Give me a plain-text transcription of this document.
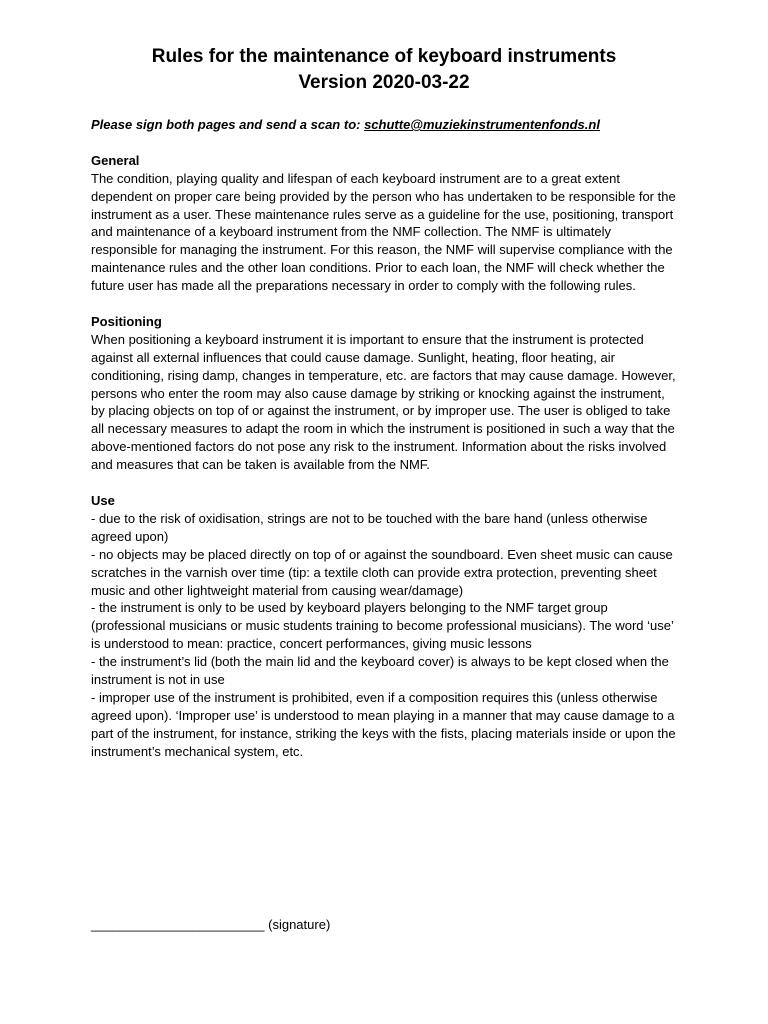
Rules for the maintenance of keyboard instruments
Version 2020-03-22

Please sign both pages and send a scan to: schutte@muziekinstrumentenfonds.nl

General

The condition, playing quality and lifespan of each keyboard instrument are to a great extent dependent on proper care being provided by the person who has undertaken to be responsible for the instrument as a user. These maintenance rules serve as a guideline for the use, positioning, transport and maintenance of a keyboard instrument from the NMF collection. The NMF is ultimately responsible for managing the instrument. For this reason, the NMF will supervise compliance with the maintenance rules and the other loan conditions. Prior to each loan, the NMF will check whether the future user has made all the preparations necessary in order to comply with the following rules.

Positioning

When positioning a keyboard instrument it is important to ensure that the instrument is protected against all external influences that could cause damage. Sunlight, heating, floor heating, air conditioning, rising damp, changes in temperature, etc. are factors that may cause damage. However, persons who enter the room may also cause damage by striking or knocking against the instrument, by placing objects on top of or against the instrument, or by improper use. The user is obliged to take all necessary measures to adapt the room in which the instrument is positioned in such a way that the above-mentioned factors do not pose any risk to the instrument. Information about the risks involved and measures that can be taken is available from the NMF.

Use

- due to the risk of oxidisation, strings are not to be touched with the bare hand (unless otherwise agreed upon)
- no objects may be placed directly on top of or against the soundboard. Even sheet music can cause scratches in the varnish over time (tip: a textile cloth can provide extra protection, preventing sheet music and other lightweight material from causing wear/damage)
- the instrument is only to be used by keyboard players belonging to the NMF target group (professional musicians or music students training to become professional musicians). The word ‘use’ is understood to mean: practice, concert performances, giving music lessons
- the instrument’s lid (both the main lid and the keyboard cover) is always to be kept closed when the instrument is not in use
- improper use of the instrument is prohibited, even if a composition requires this (unless otherwise agreed upon). ‘Improper use’ is understood to mean playing in a manner that may cause damage to a part of the instrument, for instance, striking the keys with the fists, placing materials inside or upon the instrument’s mechanical system, etc.

________________________ (signature)
